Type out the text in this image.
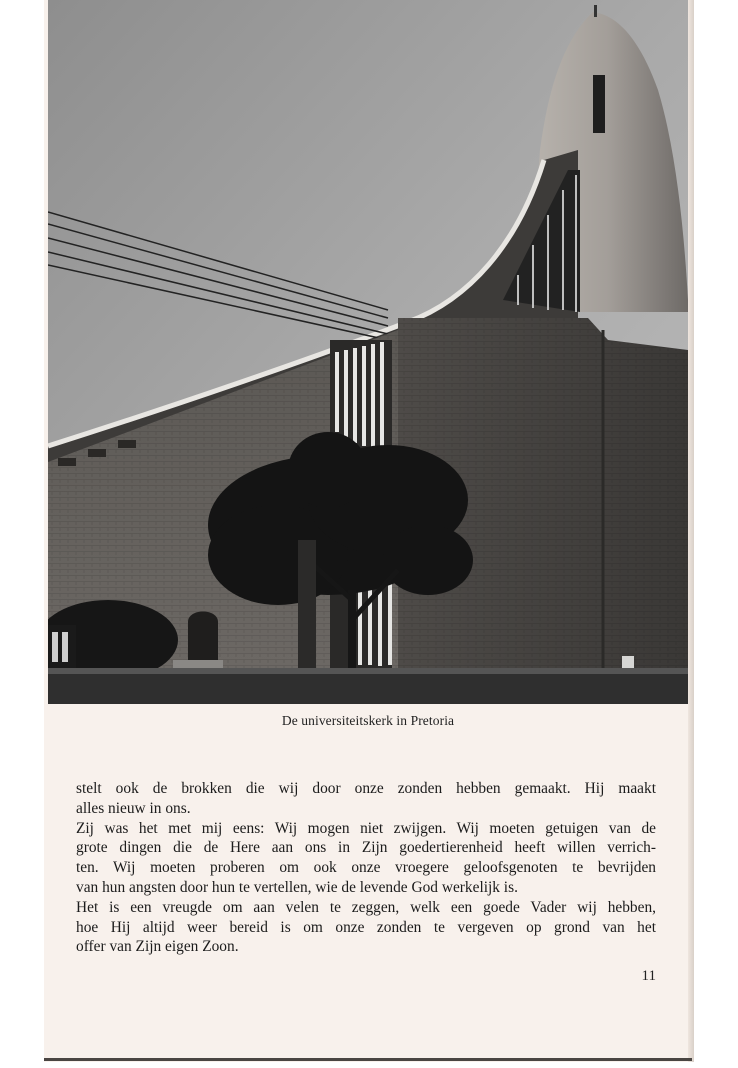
De universiteitskerk in Pretoria
stelt ook de brokken die wij door onze zonden hebben gemaakt. Hij maakt
alles nieuw in ons.
Zij was het met mij eens: Wij mogen niet zwijgen. Wij moeten getuigen van de
grote dingen die de Here aan ons in Zijn goedertierenheid heeft willen verrich-
ten. Wij moeten proberen om ook onze vroegere geloofsgenoten te bevrijden
van hun angsten door hun te vertellen, wie de levende God werkelijk is.
Het is een vreugde om aan velen te zeggen, welk een goede Vader wij hebben,
hoe Hij altijd weer bereid is om onze zonden te vergeven op grond van het
offer van Zijn eigen Zoon.
11
